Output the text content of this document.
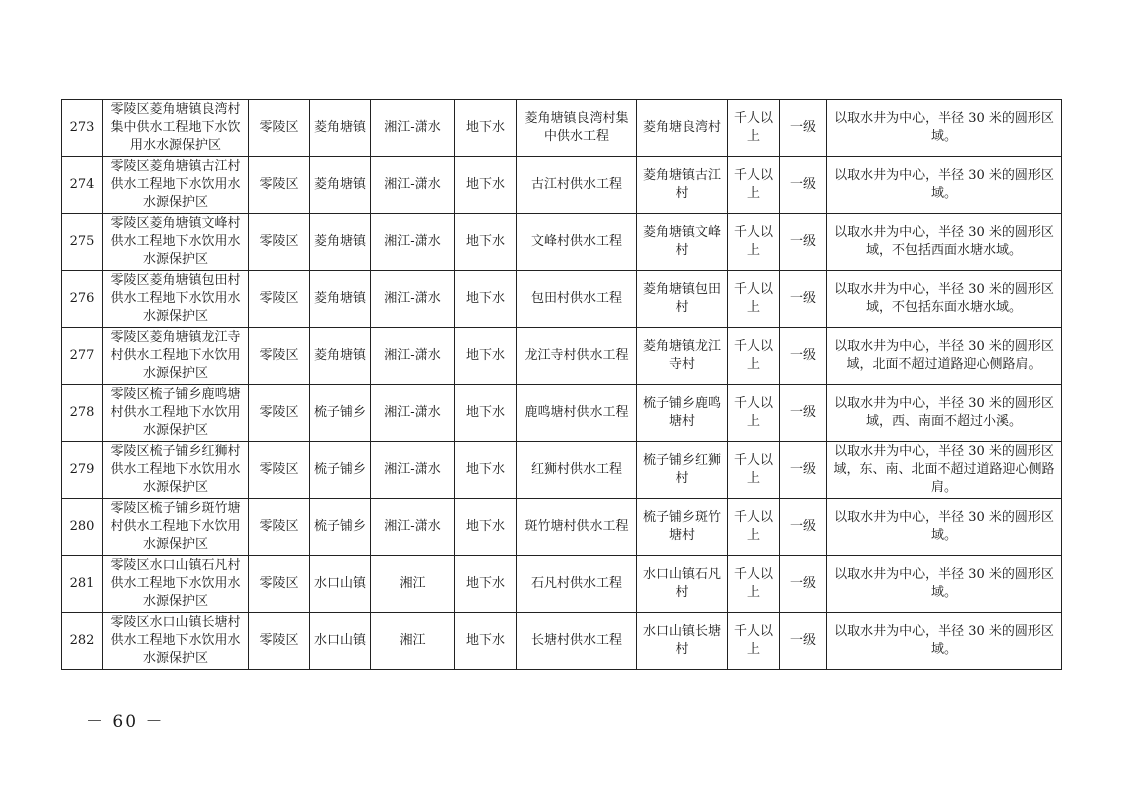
273	零陵区菱角塘镇良湾村集中供水工程地下水饮用水水源保护区	零陵区	菱角塘镇	湘江-潇水	地下水	菱角塘镇良湾村集中供水工程	菱角塘良湾村	千人以上	一级	以取水井为中心，半径 30 米的圆形区域。
274	零陵区菱角塘镇古江村供水工程地下水饮用水水源保护区	零陵区	菱角塘镇	湘江-潇水	地下水	古江村供水工程	菱角塘镇古江村	千人以上	一级	以取水井为中心，半径 30 米的圆形区域。
275	零陵区菱角塘镇文峰村供水工程地下水饮用水水源保护区	零陵区	菱角塘镇	湘江-潇水	地下水	文峰村供水工程	菱角塘镇文峰村	千人以上	一级	以取水井为中心，半径 30 米的圆形区域，不包括西面水塘水域。
276	零陵区菱角塘镇包田村供水工程地下水饮用水水源保护区	零陵区	菱角塘镇	湘江-潇水	地下水	包田村供水工程	菱角塘镇包田村	千人以上	一级	以取水井为中心，半径 30 米的圆形区域，不包括东面水塘水域。
277	零陵区菱角塘镇龙江寺村供水工程地下水饮用水源保护区	零陵区	菱角塘镇	湘江-潇水	地下水	龙江寺村供水工程	菱角塘镇龙江寺村	千人以上	一级	以取水井为中心，半径 30 米的圆形区域，北面不超过道路迎心侧路肩。
278	零陵区梳子铺乡鹿鸣塘村供水工程地下水饮用水源保护区	零陵区	梳子铺乡	湘江-潇水	地下水	鹿鸣塘村供水工程	梳子铺乡鹿鸣塘村	千人以上	一级	以取水井为中心，半径 30 米的圆形区域，西、南面不超过小溪。
279	零陵区梳子铺乡红狮村供水工程地下水饮用水水源保护区	零陵区	梳子铺乡	湘江-潇水	地下水	红狮村供水工程	梳子铺乡红狮村	千人以上	一级	以取水井为中心，半径 30 米的圆形区域，东、南、北面不超过道路迎心侧路肩。
280	零陵区梳子铺乡斑竹塘村供水工程地下水饮用水源保护区	零陵区	梳子铺乡	湘江-潇水	地下水	斑竹塘村供水工程	梳子铺乡斑竹塘村	千人以上	一级	以取水井为中心，半径 30 米的圆形区域。
281	零陵区水口山镇石凡村供水工程地下水饮用水水源保护区	零陵区	水口山镇	湘江	地下水	石凡村供水工程	水口山镇石凡村	千人以上	一级	以取水井为中心，半径 30 米的圆形区域。
282	零陵区水口山镇长塘村供水工程地下水饮用水水源保护区	零陵区	水口山镇	湘江	地下水	长塘村供水工程	水口山镇长塘村	千人以上	一级	以取水井为中心，半径 30 米的圆形区域。
－ 60 －
